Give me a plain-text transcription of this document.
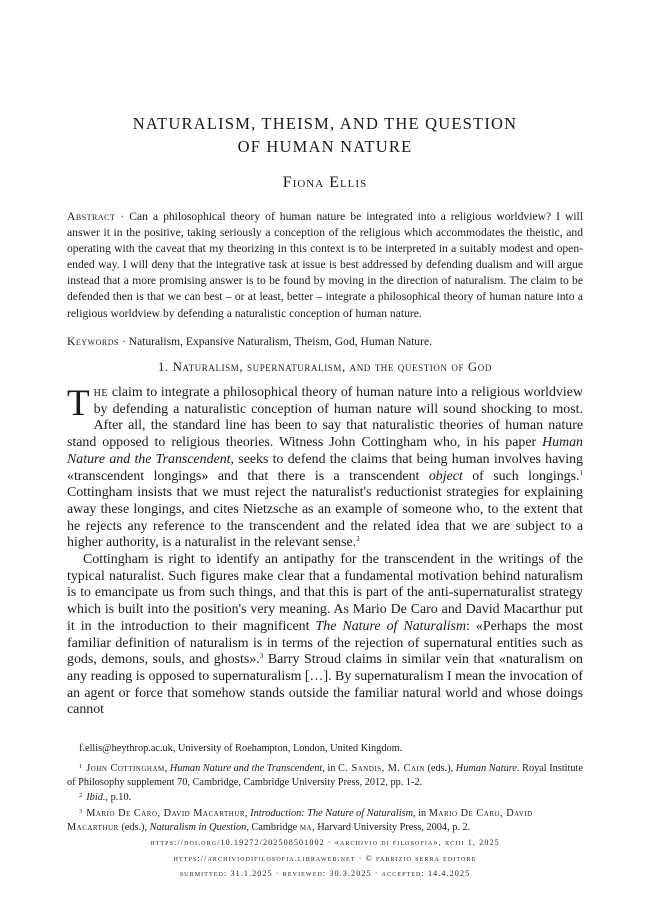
NATURALISM, THEISM, AND THE QUESTION
OF HUMAN NATURE
Fiona Ellis
Abstract · Can a philosophical theory of human nature be integrated into a religious worldview? I will answer it in the positive, taking seriously a conception of the religious which accommodates the theistic, and operating with the caveat that my theorizing in this context is to be interpreted in a suitably modest and open-ended way. I will deny that the integrative task at issue is best addressed by defending dualism and will argue instead that a more promising answer is to be found by moving in the direction of naturalism. The claim to be defended then is that we can best – or at least, better – integrate a philosophical theory of human nature into a religious worldview by defending a naturalistic conception of human nature.
Keywords · Naturalism, Expansive Naturalism, Theism, God, Human Nature.
1. Naturalism, supernaturalism, and the question of God

The claim to integrate a philosophical theory of human nature into a religious worldview by defending a naturalistic conception of human nature will sound shocking to most. After all, the standard line has been to say that naturalistic theories of human nature stand opposed to religious theories. Witness John Cottingham who, in his paper Human Nature and the Transcendent, seeks to defend the claims that being human involves having «transcendent longings» and that there is a transcendent object of such longings.$^1$ Cottingham insists that we must reject the naturalist's reductionist strategies for explaining away these longings, and cites Nietzsche as an example of someone who, to the extent that he rejects any reference to the transcendent and the related idea that we are subject to a higher authority, is a naturalist in the relevant sense.$^2$

Cottingham is right to identify an antipathy for the transcendent in the writings of the typical naturalist. Such figures make clear that a fundamental motivation behind naturalism is to emancipate us from such things, and that this is part of the anti-supernaturalist strategy which is built into the position's very meaning. As Mario De Caro and David Macarthur put it in the introduction to their magnificent The Nature of Naturalism: «Perhaps the most familiar definition of naturalism is in terms of the rejection of supernatural entities such as gods, demons, souls, and ghosts».$^3$ Barry Stroud claims in similar vein that «naturalism on any reading is opposed to supernaturalism […]. By supernaturalism I mean the invocation of an agent or force that somehow stands outside the familiar natural world and whose doings cannot

f.ellis@heythrop.ac.uk, University of Roehampton, London, United Kingdom.

$^1$ John Cottingham, Human Nature and the Transcendent, in C. Sandis, M. Cain (eds.), Human Nature. Royal Institute of Philosophy supplement 70, Cambridge, Cambridge University Press, 2012, pp. 1-2.

$^2$ Ibid., p.10.

$^3$ Mario De Caro, David Macarthur, Introduction: The Nature of Naturalism, in Mario De Caro, David Macarthur (eds.), Naturalism in Question, Cambridge ma, Harvard University Press, 2004, p. 2.

https://doi.org/10.19272/202508501002 · «archivio di filosofia», xciii 1, 2025
https://archiviodifilosofia.libraweb.net · © fabrizio serra editore
submitted: 31.1.2025 · reviewed: 30.3.2025 · accepted: 14.4.2025
